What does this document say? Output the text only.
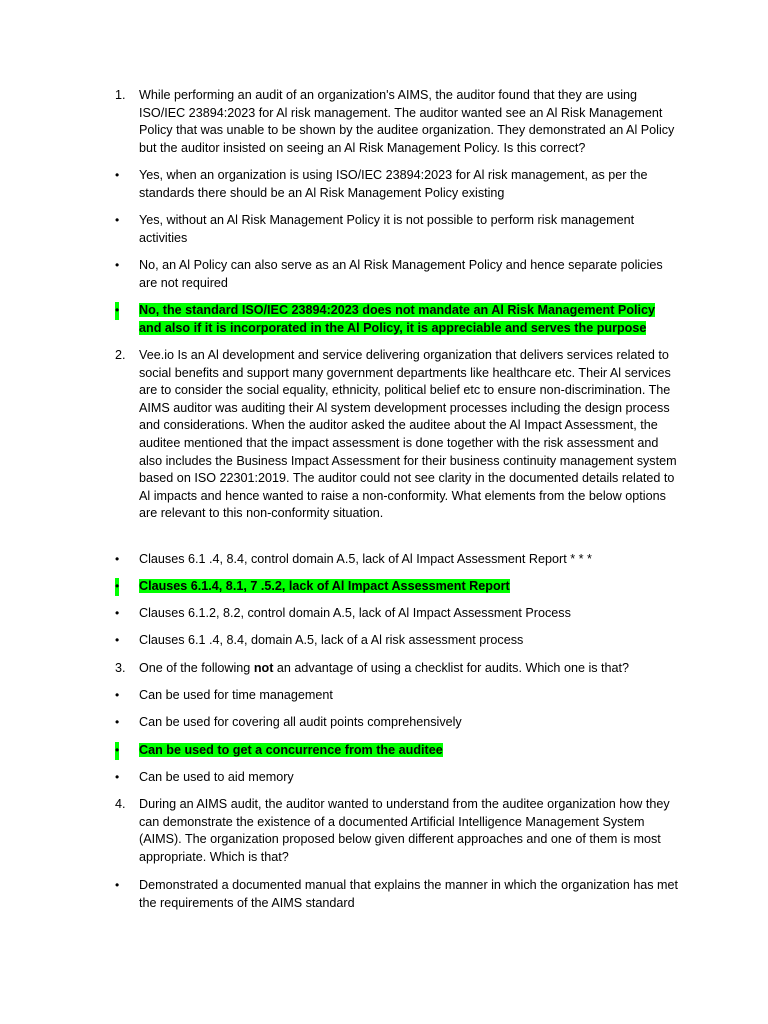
1. While performing an audit of an organization's AIMS, the auditor found that they are using ISO/IEC 23894:2023 for Al risk management. The auditor wanted see an Al Risk Management Policy that was unable to be shown by the auditee organization. They demonstrated an Al Policy but the auditor insisted on seeing an Al Risk Management Policy. Is this correct?
• Yes, when an organization is using ISO/IEC 23894:2023 for Al risk management, as per the standards there should be an Al Risk Management Policy existing
• Yes, without an Al Risk Management Policy it is not possible to perform risk management activities
• No, an Al Policy can also serve as an Al Risk Management Policy and hence separate policies are not required
• No, the standard ISO/IEC 23894:2023 does not mandate an Al Risk Management Policy and also if it is incorporated in the Al Policy, it is appreciable and serves the purpose
2. Vee.io Is an Al development and service delivering organization that delivers services related to social benefits and support many government departments like healthcare etc. Their Al services are to consider the social equality, ethnicity, political belief etc to ensure non-discrimination. The AIMS auditor was auditing their Al system development processes including the design process and considerations. When the auditor asked the auditee about the Al Impact Assessment, the auditee mentioned that the impact assessment is done together with the risk assessment and also includes the Business Impact Assessment for their business continuity management system based on ISO 22301:2019. The auditor could not see clarity in the documented details related to Al impacts and hence wanted to raise a non-conformity. What elements from the below options are relevant to this non-conformity situation.
• Clauses 6.1 .4, 8.4, control domain A.5, lack of Al Impact Assessment Report * * *
• Clauses 6.1.4, 8.1, 7 .5.2, lack of Al Impact Assessment Report
• Clauses 6.1.2, 8.2, control domain A.5, lack of Al Impact Assessment Process
• Clauses 6.1 .4, 8.4, domain A.5, lack of a Al risk assessment process
3. One of the following not an advantage of using a checklist for audits. Which one is that?
• Can be used for time management
• Can be used for covering all audit points comprehensively
• Can be used to get a concurrence from the auditee
• Can be used to aid memory
4. During an AIMS audit, the auditor wanted to understand from the auditee organization how they can demonstrate the existence of a documented Artificial Intelligence Management System (AIMS). The organization proposed below given different approaches and one of them is most appropriate. Which is that?
• Demonstrated a documented manual that explains the manner in which the organization has met the requirements of the AIMS standard
